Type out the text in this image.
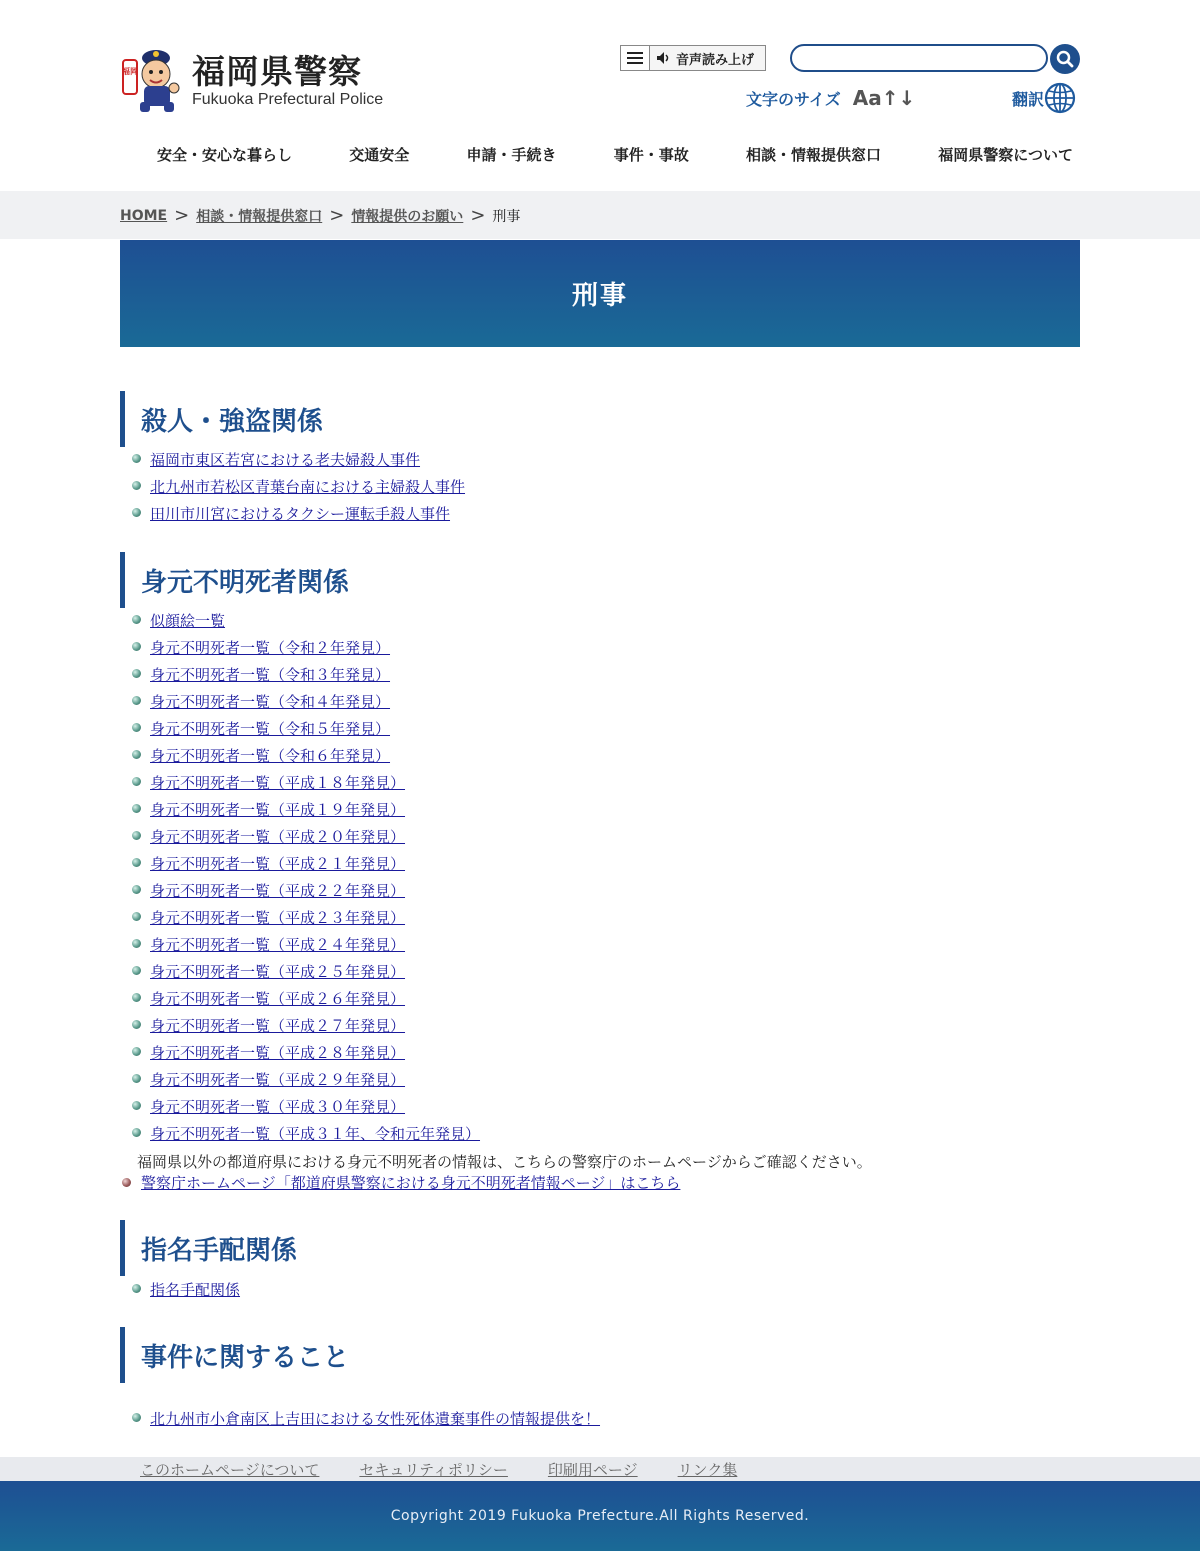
福岡 福岡県警察
Fukuoka Prefectural Police
音声読み上げ
文字のサイズ Aa↑↓	翻訳
安全・安心な暮らし	交通安全	申請・手続き	事件・事故	相談・情報提供窓口	福岡県警察について
HOME > 相談・情報提供窓口 > 情報提供のお願い > 刑事
刑事
殺人・強盗関係
福岡市東区若宮における老夫婦殺人事件
北九州市若松区青葉台南における主婦殺人事件
田川市川宮におけるタクシー運転手殺人事件
身元不明死者関係
似顔絵一覧
身元不明死者一覧（令和２年発見）
身元不明死者一覧（令和３年発見）
身元不明死者一覧（令和４年発見）
身元不明死者一覧（令和５年発見）
身元不明死者一覧（令和６年発見）
身元不明死者一覧（平成１８年発見）
身元不明死者一覧（平成１９年発見）
身元不明死者一覧（平成２０年発見）
身元不明死者一覧（平成２１年発見）
身元不明死者一覧（平成２２年発見）
身元不明死者一覧（平成２３年発見）
身元不明死者一覧（平成２４年発見）
身元不明死者一覧（平成２５年発見）
身元不明死者一覧（平成２６年発見）
身元不明死者一覧（平成２７年発見）
身元不明死者一覧（平成２８年発見）
身元不明死者一覧（平成２９年発見）
身元不明死者一覧（平成３０年発見）
身元不明死者一覧（平成３１年、令和元年発見）
福岡県以外の都道府県における身元不明死者の情報は、こちらの警察庁のホームページからご確認ください。
警察庁ホームページ「都道府県警察における身元不明死者情報ページ」はこちら
指名手配関係
指名手配関係
事件に関すること
北九州市小倉南区上吉田における女性死体遺棄事件の情報提供を！
このホームページについて	セキュリティポリシー	印刷用ページ	リンク集
Copyright 2019 Fukuoka Prefecture.All Rights Reserved.
